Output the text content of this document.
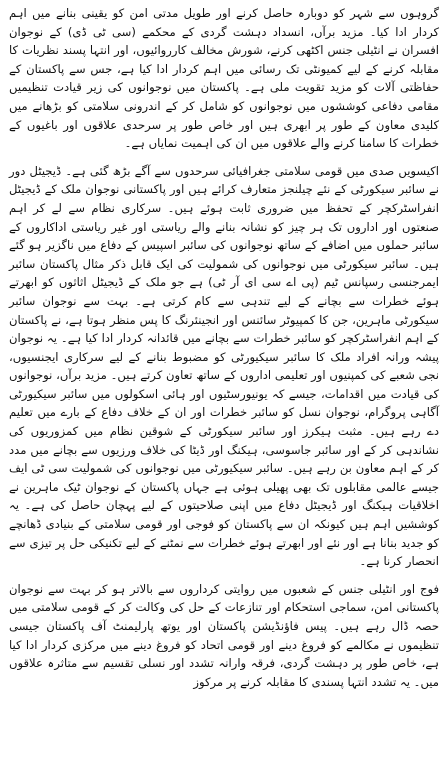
گروہوں سے شہر کو دوبارہ حاصل کرنے اور طویل مدتی امن کو یقینی بنانے میں اہم کردار ادا کیا۔ مزید برآں، انسداد دہشت گردی کے محکمے (سی ٹی ڈی) کے نوجوان افسران نے انٹیلی جنس اکٹھی کرنے، شورش مخالف کارروائیوں، اور انتہا پسند نظریات کا مقابلہ کرنے کے لیے کمیونٹی تک رسائی میں اہم کردار ادا کیا ہے، جس سے پاکستان کے حفاظتی آلات کو مزید تقویت ملی ہے۔ پاکستان میں نوجوانوں کی زیر قیادت تنظیمیں مقامی دفاعی کوششوں میں نوجوانوں کو شامل کر کے اندرونی سلامتی کو بڑھانے میں کلیدی معاون کے طور پر ابھری ہیں اور خاص طور پر سرحدی علاقوں اور باغیوں کے خطرات کا سامنا کرنے والے علاقوں میں ان کی اہمیت نمایاں ہے۔

اکیسویں صدی میں قومی سلامتی جغرافیائی سرحدوں سے آگے بڑھ گئی ہے۔ ڈیجیٹل دور نے سائبر سیکورٹی کے نئے چیلنجز متعارف کرائے ہیں اور پاکستانی نوجوان ملک کے ڈیجیٹل انفراسٹرکچر کے تحفظ میں ضروری ثابت ہوئے ہیں۔ سرکاری نظام سے لے کر اہم صنعتوں اور اداروں تک ہر چیز کو نشانہ بنانے والے ریاستی اور غیر ریاستی اداکاروں کے سائبر حملوں میں اضافے کے ساتھ نوجوانوں کی سائبر اسپیس کے دفاع میں ناگزیر ہو گئے ہیں۔ سائبر سیکورٹی میں نوجوانوں کی شمولیت کی ایک قابل ذکر مثال پاکستان سائبر ایمرجنسی رسپانس ٹیم (پی اے سی ای آر ٹی) ہے جو ملک کے ڈیجیٹل اثاثوں کو ابھرتے ہوئے خطرات سے بچانے کے لیے تندہی سے کام کرتی ہے۔ بہت سے نوجوان سائبر سیکورٹی ماہرین، جن کا کمپیوٹر سائنس اور انجینئرنگ کا پس منظر ہوتا ہے، نے پاکستان کے اہم انفراسٹرکچر کو سائبر خطرات سے بچانے میں قائدانہ کردار ادا کیا ہے۔ یہ نوجوان پیشہ ورانہ افراد ملک کا سائبر سیکیورٹی کو مضبوط بنانے کے لیے سرکاری ایجنسیوں، نجی شعبے کی کمپنیوں اور تعلیمی اداروں کے ساتھ تعاون کرتے ہیں۔ مزید برآں، نوجوانوں کی قیادت میں اقدامات، جیسے کہ یونیورسٹیوں اور ہائی اسکولوں میں سائبر سیکیورٹی آگاہی پروگرام، نوجوان نسل کو سائبر خطرات اور ان کے خلاف دفاع کے بارے میں تعلیم دے رہے ہیں۔ مثبت ہیکرز اور سائبر سیکورٹی کے شوقین نظام میں کمزوریوں کی نشاندہی کر کے اور سائبر جاسوسی، ہیکنگ اور ڈیٹا کی خلاف ورزیوں سے بچانے میں مدد کر کے اہم معاون بن رہے ہیں۔ سائبر سیکیورٹی میں نوجوانوں کی شمولیت سی ٹی ایف جیسے عالمی مقابلوں تک بھی پھیلی ہوئی ہے جہاں پاکستان کے نوجوان ٹیک ماہرین نے اخلاقیات ہیکنگ اور ڈیجیٹل دفاع میں اپنی صلاحیتوں کے لیے پہچان حاصل کی ہے۔ یہ کوششیں اہم ہیں کیونکہ ان سے پاکستان کو فوجی اور قومی سلامتی کے بنیادی ڈھانچے کو جدید بنانا ہے اور نئے اور ابھرتے ہوئے خطرات سے نمٹنے کے لیے تکنیکی حل پر تیزی سے انحصار کرنا ہے۔

فوج اور انٹیلی جنس کے شعبوں میں روایتی کرداروں سے بالاتر ہو کر بہت سے نوجوان پاکستانی امن، سماجی استحکام اور تنازعات کے حل کی وکالت کر کے قومی سلامتی میں حصہ ڈال رہے ہیں۔ پیس فاؤنڈیشن پاکستان اور یوتھ پارلیمنٹ آف پاکستان جیسی تنظیموں نے مکالمے کو فروغ دینے اور قومی اتحاد کو فروغ دینے میں مرکزی کردار ادا کیا ہے، خاص طور پر دہشت گردی، فرقہ وارانہ تشدد اور نسلی تقسیم سے متاثرہ علاقوں میں۔ یہ تشدد انتہا پسندی کا مقابلہ کرنے پر مرکوز
